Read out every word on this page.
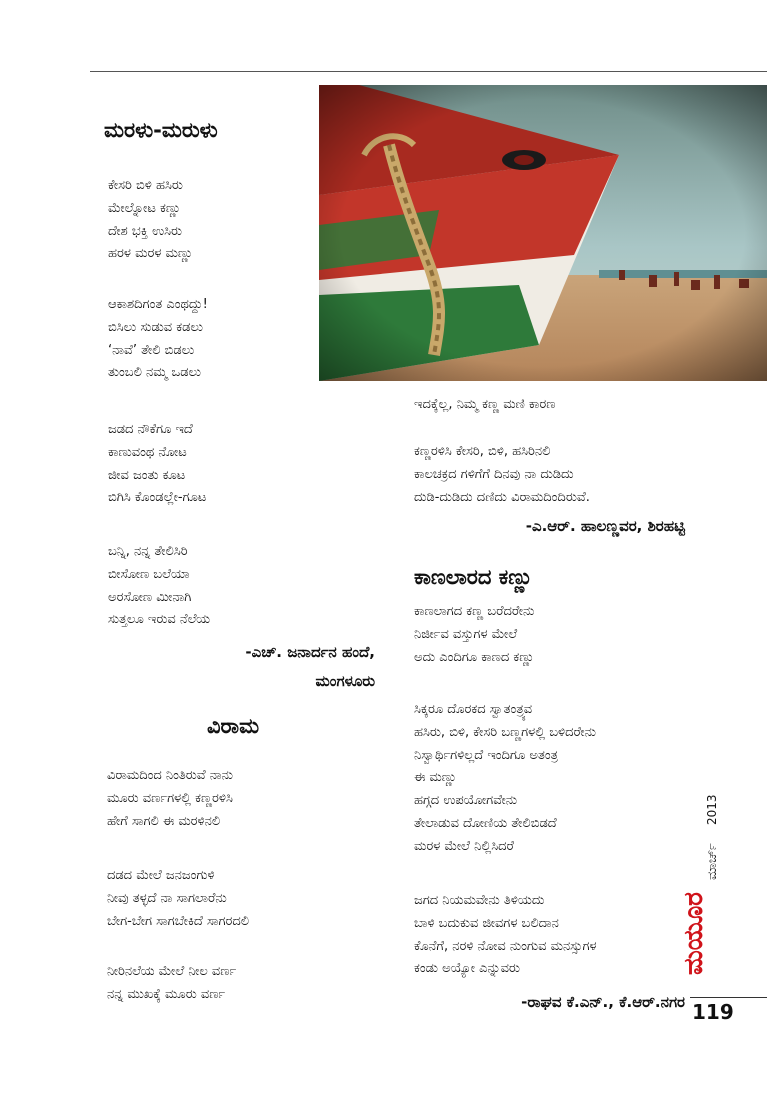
ಮರಳು-ಮರುಳು
ಕೇಸರಿ ಬಿಳಿ ಹಸಿರು
ಮೇಲ್ನೋಟ ಕಣ್ಣು
ದೇಶ ಭಕ್ತಿ ಉಸಿರು
ಹರಳ ಮರಳ ಮಣ್ಣು
ಆಕಾಶದಿಗಂತ ಎಂಥದ್ದು!
ಬಿಸಿಲು ಸುಡುವ ಕಡಲು
‘ನಾವೆ’ ತೇಲಿ ಬಿಡಲು
ತುಂಬಲಿ ನಮ್ಮ ಒಡಲು
ಜಡದ ನೌಕೆಗೂ ಇದೆ
ಕಾಣುವಂಥ ನೋಟ
ಜೀವ ಜಂತು ಕೂಟ
ಬಿಗಿಸಿ ಕೊಂಡಲ್ಲೇ-ಗೂಟ
ಬನ್ನಿ, ನನ್ನ ತೇಲಿಸಿರಿ
ಬೀಸೋಣ ಬಲೆಯಾ
ಅರಸೋಣ ಮೀನಾಗಿ
ಸುತ್ತಲೂ ಇರುವ ನೆಲೆಯ

-ಎಚ್. ಜನಾರ್ದನ ಹಂದೆ,

ಮಂಗಳೂರು

ವಿರಾಮ
ವಿರಾಮದಿಂದ ನಿಂತಿರುವೆ ನಾನು
ಮೂರು ವರ್ಣಗಳಲ್ಲಿ ಕಣ್ಣರಳಿಸಿ
ಹೇಗೆ ಸಾಗಲಿ ಈ ಮರಳಿನಲಿ
ದಡದ ಮೇಲೆ ಜನಜಂಗುಳಿ
ನೀವು ತಳ್ಳದೆ ನಾ ಸಾಗಲಾರೆನು
ಬೇಗ-ಬೇಗ ಸಾಗಬೇಕಿದೆ ಸಾಗರದಲಿ
ನೀರಿನಲೆಯ ಮೇಲೆ ನೀಲ ವರ್ಣ
ನನ್ನ ಮುಖಕ್ಕೆ ಮೂರು ವರ್ಣ
ಇದಕ್ಕೆಲ್ಲ, ನಿಮ್ಮ ಕಣ್ಣ ಮಣಿ ಕಾರಣ
ಕಣ್ಣರಳಿಸಿ ಕೇಸರಿ, ಬಿಳಿ, ಹಸಿರಿನಲಿ
ಕಾಲಚಕ್ರದ ಗಳಿಗೆಗೆ ದಿನವು ನಾ ದುಡಿದು
ದುಡಿ-ದುಡಿದು ದಣಿದು ವಿರಾಮದಿಂದಿರುವೆ.

-ಎ.ಆರ್. ಹಾಲಣ್ಣವರ, ಶಿರಹಟ್ಟಿ

ಕಾಣಲಾರದ ಕಣ್ಣು
ಕಾಣಲಾಗದ ಕಣ್ಣ ಬರೆದರೇನು
ನಿರ್ಜೀವ ವಸ್ತುಗಳ ಮೇಲೆ
ಅದು ಎಂದಿಗೂ ಕಾಣದ ಕಣ್ಣು
ಸಿಕ್ಕರೂ ದೊರಕದ ಸ್ವಾತಂತ್ರ್ಯವ
ಹಸಿರು, ಬಿಳಿ, ಕೇಸರಿ ಬಣ್ಣಗಳಲ್ಲಿ ಬಳಿದರೇನು
ನಿಸ್ವಾರ್ಥಿಗಳಿಲ್ಲದೆ ಇಂದಿಗೂ ಅತಂತ್ರ
ಈ ಮಣ್ಣು
ಹಗ್ಗದ ಉಪಯೋಗವೇನು
ತೇಲಾಡುವ ದೋಣಿಯ ತೇಲಿಬಿಡದೆ
ಮರಳ ಮೇಲೆ ನಿಲ್ಲಿಸಿದರೆ
ಜಗದ ನಿಯಮವೇನು ತಿಳಿಯದು
ಬಾಳಿ ಬದುಕುವ ಜೀವಗಳ ಬಲಿದಾನ
ಕೊನೆಗೆ, ನರಳಿ ನೋವ ನುಂಗುವ ಮನಸ್ಸುಗಳ
ಕಂಡು ಅಯ್ಯೋ ಎನ್ನುವರು

-ರಾಘವ ಕೆ.ಎನ್., ಕೆ.ಆರ್.ನಗರ

ಮಯೂರ
ಮಾರ್ಚ್
2013

119
